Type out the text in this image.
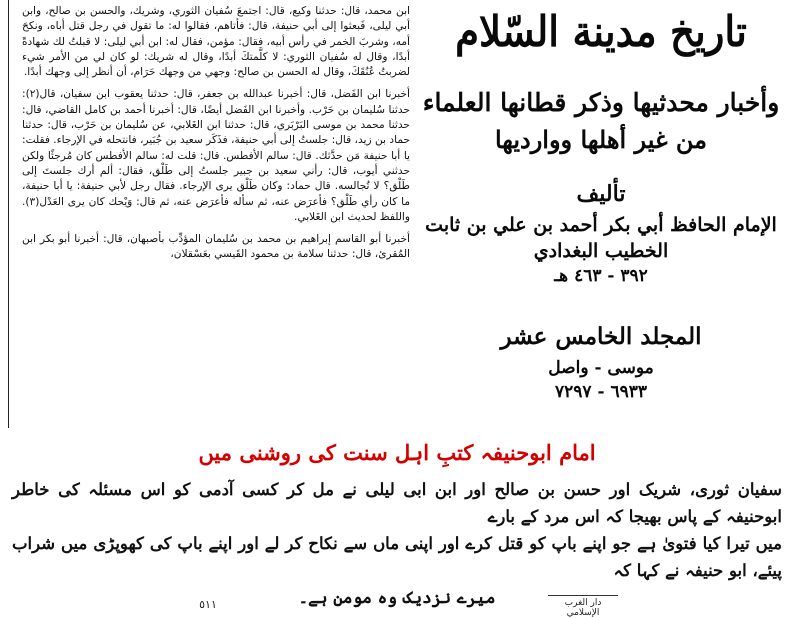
ابن محمد، قال: حدثنا وكيع، قال: اجتمعَ سُفيان الثوري، وشريك، والحسن بن صالح، وابن أبي ليلى، فَبعثوا إلى أبي حنيفة، قال: فأتاهم، فقالوا له: ما تقول في رجل قتل أباه، ونكحَ أمه، وشربَ الخمر في رأس أبيه، فقال: مؤمن، فقال له: ابن أبي ليلى: لا قبلتُ لك شهادةً أبدًا، وقال له سُفيان الثوري: لا كلَّمتكَ أبدًا، وقال له شريك: لو كان لي من الأمر شيء لضربتُ عُنُقَكَ، وقال له الحسن بن صالح: وجهي من وجهك حَرَام، أن أنظر إلى وجهك أبدًا.

أخبرنا ابن الفَضل، قال: أخبرنا عبدالله بن جعفر، قال: حدثنا يعقوب ابن سفيان، قال(٢): حدثنا سُليمان بن حَرْب. وأخبرنا ابن الفَضل أيضًا، قال: أخبرنا أحمد بن كامل القاضي، قال: حدثنا محمد بن موسى البَرْبَري، قال: حدثنا ابن الغَلابي، عن سُليمان بن حَرْب، قال: حدثنا حماد بن زيد، قال: جلستُ إلى أبي حنيفة، فذَكَر سعيد بن جُبَير، فانتحله في الإرجاء. فقلت: يا أبا حنيفة مَن حدَّثك. قال: سالم الأفطس. قال: قلت له: سالم الأفطس كان مُرجئًا ولكن حدثني أيوب، قال: رأني سعيد بن جبير جلستُ إلى طَلْق، فقال: ألم أرك جلستَ إلى طَلْق؟ لا تُجالسه. قال حماد: وكان طَلْق يرى الإرجاء. فقال رجل لأبي حنيفة: يا أبا حنيفة، ما كان رأي طَلْق؟ فأعرَض عنه، ثم سأله فأعرَض عنه، ثم قال: وَيْحك كان يرى العَدْل(٣). واللفظ لحديث ابن الغَلابي.

أخبرنا أبو القاسم إبراهيم بن محمد بن سُليمان المؤدِّب بأصبهان، قال: أخبرنا أبو بكر ابن المُقرئ، قال: حدثنا سلامة بن محمود القَيسي بعَسْقلان،

تاريخ مدينة السّلام
وأخبار محدثيها وذكر قطانها العلماء
من غير أهلها ووارديها
تأليف
الإمام الحافظ أبي بكر أحمد بن علي بن ثابت
الخطيب البغدادي
٣٩٢ - ٤٦٣ هـ
المجلد الخامس عشر
موسى - واصل
٦٩٣٣ - ٧٢٩٧
امام ابوحنیفہ کتبِ اہل سنت کی روشنی میں

سفیان ثوری، شریک اور حسن بن صالح اور ابن ابی لیلی نے مل کر کسی آدمی کو اس مسئلہ کی خاطر ابوحنیفہ کے پاس بھیجا کہ اس مرد کے بارے

میں تیرا کیا فتویٰ ہے جو اپنے باپ کو قتل کرے اور اپنی ماں سے نکاح کر لے اور اپنے باپ کی کھوپڑی میں شراب پیئے، ابو حنیفہ نے کہا کہ

میرے نزدیک وہ مومن ہے۔	دار الغرب الإسلامي
٥١١
